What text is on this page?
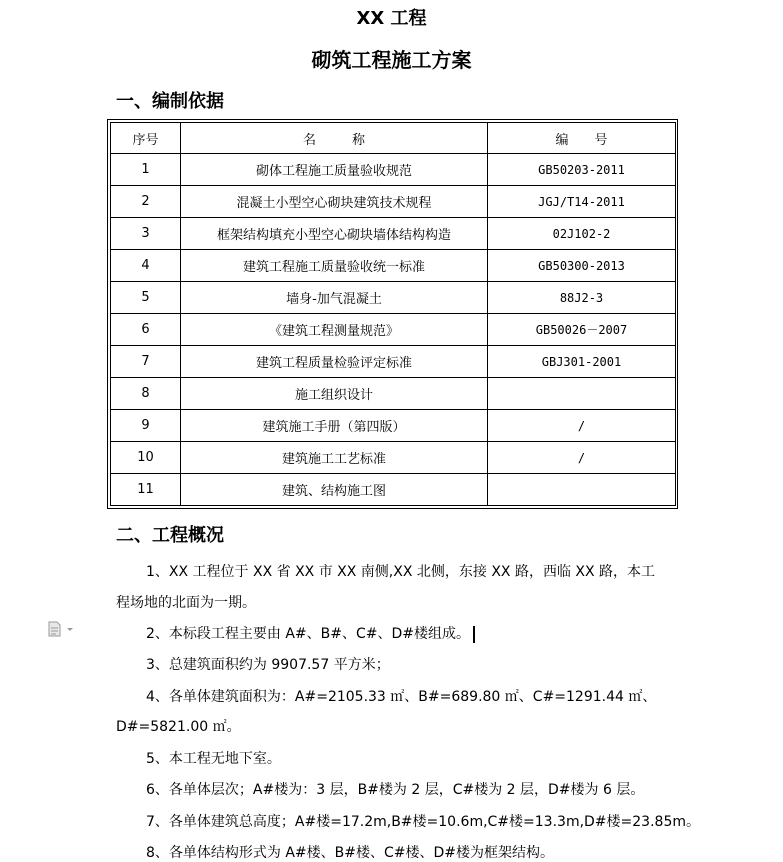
XX 工程
砌筑工程施工方案
一、编制依据
序号	名称	编号
1	砌体工程施工质量验收规范	GB50203-2011
2	混凝土小型空心砌块建筑技术规程	JGJ/T14-2011
3	框架结构填充小型空心砌块墙体结构构造	02J102-2
4	建筑工程施工质量验收统一标准	GB50300-2013
5	墙身-加气混凝土	88J2-3
6	《建筑工程测量规范》	GB50026－2007
7	建筑工程质量检验评定标准	GBJ301-2001
8	施工组织设计	
9	建筑施工手册（第四版）	/
10	建筑施工工艺标准	/
11	建筑、结构施工图	
二、工程概况
1、XX 工程位于 XX 省 XX 市 XX 南侧,XX 北侧，东接 XX 路，西临 XX 路，本工
程场地的北面为一期。
2、本标段工程主要由 A#、B#、C#、D#楼组成。
3、总建筑面积约为 9907.57 平方米；
4、各单体建筑面积为：A#=2105.33 ㎡、B#=689.80 ㎡、C#=1291.44 ㎡、
D#=5821.00 ㎡。
5、本工程无地下室。
6、各单体层次；A#楼为：3 层，B#楼为 2 层，C#楼为 2 层，D#楼为 6 层。
7、各单体建筑总高度；A#楼=17.2m,B#楼=10.6m,C#楼=13.3m,D#楼=23.85m。
8、各单体结构形式为 A#楼、B#楼、C#楼、D#楼为框架结构。
